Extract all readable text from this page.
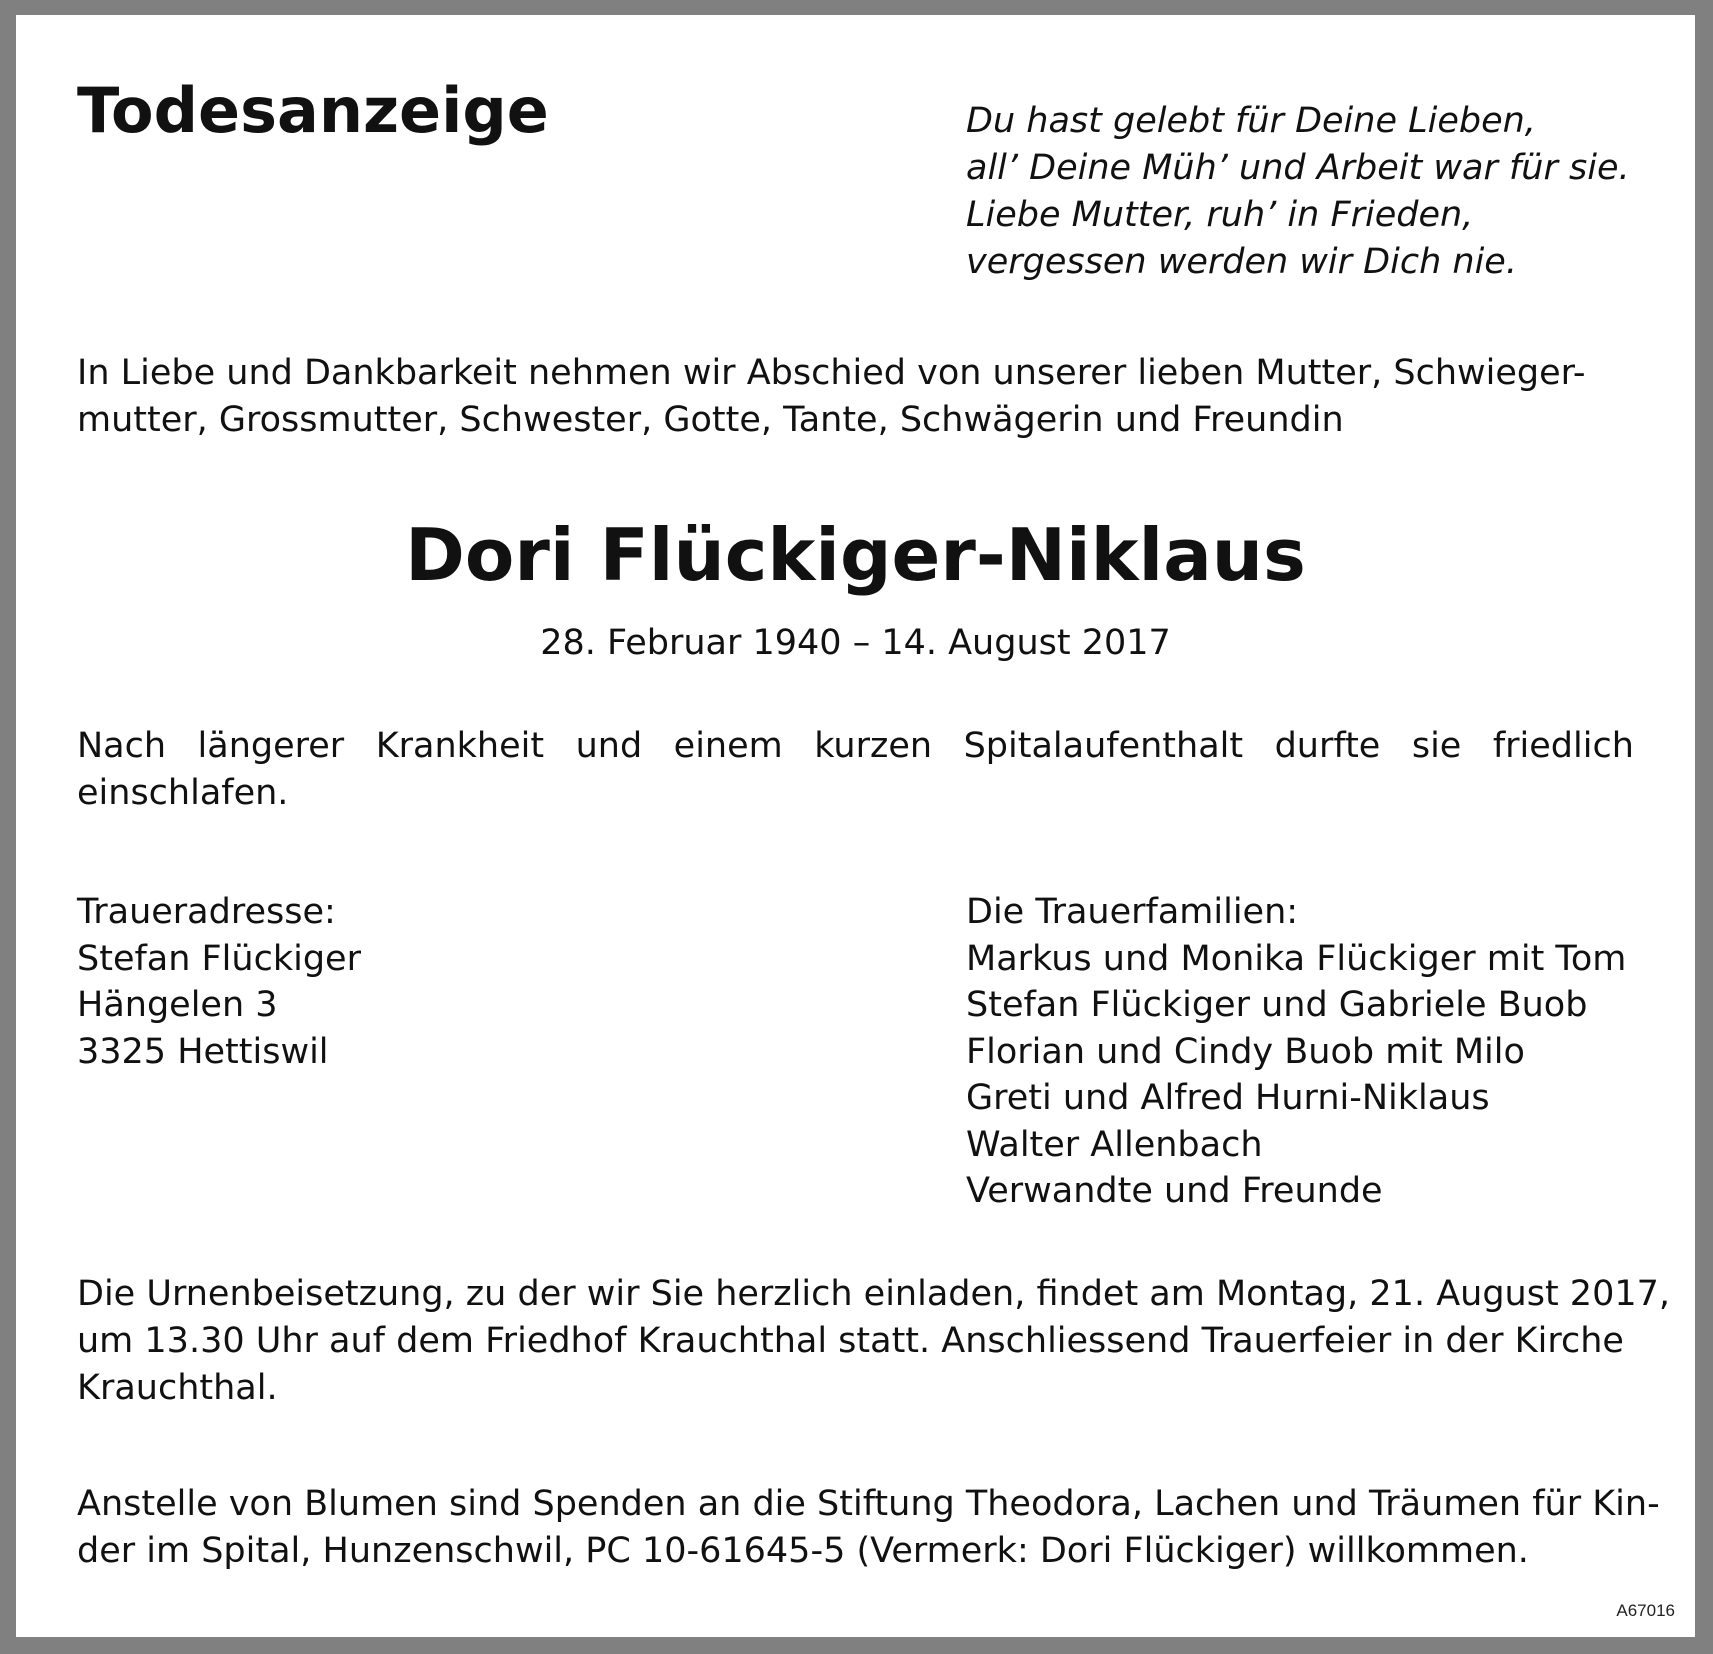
Todesanzeige	Du hast gelebt für Deine Lieben,
all’ Deine Müh’ und Arbeit war für sie.
Liebe Mutter, ruh’ in Frieden,
vergessen werden wir Dich nie.
In Liebe und Dankbarkeit nehmen wir Abschied von unserer lieben Mutter, Schwieger-
mutter, Grossmutter, Schwester, Gotte, Tante, Schwägerin und Freundin
Dori Flückiger-Niklaus
28. Februar 1940 – 14. August 2017
Nach längerer Krankheit und einem kurzen Spitalaufenthalt durfte sie friedlich
einschlafen.
Traueradresse:
Stefan Flückiger
Hängelen 3
3325 Hettiswil
Die Trauerfamilien:
Markus und Monika Flückiger mit Tom
Stefan Flückiger und Gabriele Buob
Florian und Cindy Buob mit Milo
Greti und Alfred Hurni-Niklaus
Walter Allenbach
Verwandte und Freunde
Die Urnenbeisetzung, zu der wir Sie herzlich einladen, findet am Montag, 21. August 2017,
um 13.30 Uhr auf dem Friedhof Krauchthal statt. Anschliessend Trauerfeier in der Kirche
Krauchthal.
Anstelle von Blumen sind Spenden an die Stiftung Theodora, Lachen und Träumen für Kin-
der im Spital, Hunzenschwil, PC 10-61645-5 (Vermerk: Dori Flückiger) willkommen.
A67016
